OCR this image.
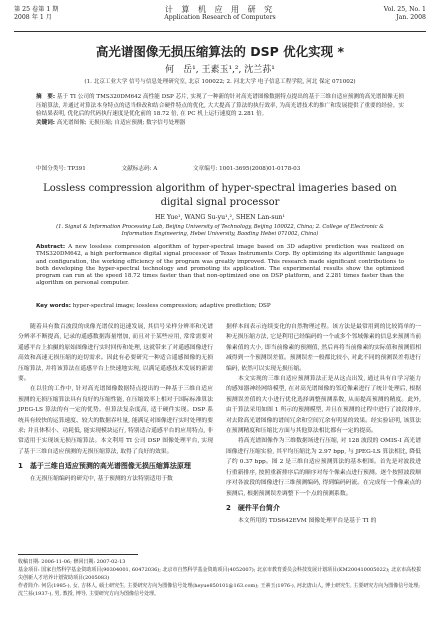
第 25 卷第 1 期
2008 年 1 月
计 算 机 应 用 研 究
Application Research of Computers
Vol. 25, No. 1
Jan. 2008
高光谱图像无损压缩算法的 DSP 优化实现 *
何　岳¹, 王素玉¹,², 沈兰荪¹
(1. 北京工业大学 信号与信息处理研究室, 北京 100022; 2. 河北大学 电子信息工程学院, 河北 保定 071002)
摘　要: 基于 TI 公司的 TMS320DM642 高性能 DSP 芯片, 实现了一种新的针对高光谱图像数据特点提出的基于三维自适应预测的高光谱图像无损压缩算法, 并通过对算法本身特点的适当修改和结合硬件特点的优化, 大大提高了算法的执行效率, 为高光谱技术的推广和发展提供了重要的经验。实验结果表明, 优化后的代码执行速度是优化前的 18.72 倍, 在 PC 机上运行速度的 2.281 倍。
关键词: 高光谱图像; 无损压缩; 自适应预测; 数字信号处理器
中图分类号: TP391	文献标志码: A	文章编号: 1001-3695(2008)01-0178-03
Lossless compression algorithm of hyper-spectral imageries based on digital signal processor
HE Yue¹, WANG Su-yu¹,², SHEN Lan-sun¹
(1. Signal & Information Processing Lab, Beijing University of Technology, Beijing 100022, China; 2. College of Electronic & Information Engineering, Hebei University, Baoding Hebei 071002, China)
Abstract: A new lossless compression algorithm of hyper-spectral image based on 3D adaptive prediction was realized on TMS320DM642, a high performance digital signal processor of Texas Instruments Corp. By optimizing its algorithmic language and configuration, the working efficiency of the program was greatly improved. This research made significant contributions to both developing the hyper-spectral technology and promoting its application. The experimental results show the optimized program can run at the speed 18.72 times faster than that non-optimized one on DSP platform, and 2.281 times faster than the algorithm on personal computer.
Key words: hyper-spectral image; lossless compression; adaptive prediction; DSP

随着具有数百波段的成像光谱仪的迅速发展, 其信号采样分辨率和光谱分辨率不断提高, 记录的遥感数据海量增加, 而且对于某些应用, 常常需要对遥感平台上拍摄的原始图像进行实时回传和处理, 这就带来了对遥感图像进行高效和高速无损压缩的迫切需求。因此有必要研究一种适合遥感图像的无损压缩算法, 并将该算法在遥感平台上快速地实现, 以满足遥感技术发展的新需要。

在以往的工作中, 针对高光谱图像数据特点提出的一种基于三维自适应预测的无损压缩算法具有良好的压缩性能, 在压缩效率上相对于国际标准算法 JPEG-LS 算法的有一定的优势。但算法复杂度高, 适于硬件实现。DSP 系统具有较快的运算速度、较大的数据吞吐量, 能满足对图像进行实时处理的要求; 并且体积小、功耗低, 能实现模块运行, 特别适合遥感平台的应用特点, 非常适用于实现该无损压缩算法。本文利用 TI 公司 DSP 图像处理平台, 实现了基于三维自适应预测的无损压缩算法, 取得了良好的效果。

1　基于三维自适应预测的高光谱图像无损压缩算法原理

在无损压缩编码的研究中, 基于预测的方法特别适用于数

据样本间表示连续变化的自然物理过程。该方法是最常用到的比较简单的一种无损压缩方法, 它是利用已经编码的一个或多个邻域像素的信息来预测当前像素值的大小, 即当前像素的预测值, 然后再将当前像素的实际值和预测值相减得到一个预测误差值。预测误差一般都比较小, 对此不同的预测误差将进行编码, 依然可以实现无损压缩。

本文实现的三维自适应预测算法正是从这点出发, 通过具有自学习能力的感知器神经网络模型, 在对高光谱图像的邻近像素进行了统计处理后, 根据预测误差值的大小进行优化选择调整预测系数, 从而提高预测的精度。此外, 由于算法采用如图 1 所示的预测模型, 并且在预测的过程中进行了波段排序, 对去除高光谱图像的谱间冗余和空间冗余有明显的效果。经实验证明, 该算法在预测精度和压缩比方面与其他算法相比都有一定的提高。

将高光谱图像作为三维数据场进行压缩, 对 128 波段的 OMIS-I 高光谱图像进行压缩实验, 其平均压缩比为 2.97 bpp, 与 JPEG-LS 算法相比, 降低了约 0.37 bpp。图 2 是三维自适应预测算法的基本框图。首先是对波段进行重新排序, 按照重新排序后的顺序对每个像素点进行预测。逐个按照波段顺序对各波段的图像进行三维预测编码, 得到编码码流。在完成每一个像素点的预测后, 根据预测误差调整下一个点的预测系数。

2　硬件平台简介

本文所用的 TDS642EVM 图像处理平台是基于 TI 的

收稿日期: 2006-11-06; 修回日期: 2007-02-13
基金项目: 国家自然科学基金资助项目(90304001, 60472036); 北京市自然科学基金资助项目(4052007); 北京市教育委员会科技发展计划项目(KM200410005022); 北京市高校拔尖创新人才培养计划资助项目(2005083)
作者简介: 何岳(1985-), 女, 吉林人, 硕士研究生, 主要研究方向为图像信号处理(heyue850101@163.com); 王素玉(1976-), 河北唐山人, 博士研究生, 主要研究方向为图像信号处理; 沈兰荪(1937-), 男, 教授, 博导, 主要研究方向为图像信号处理。
